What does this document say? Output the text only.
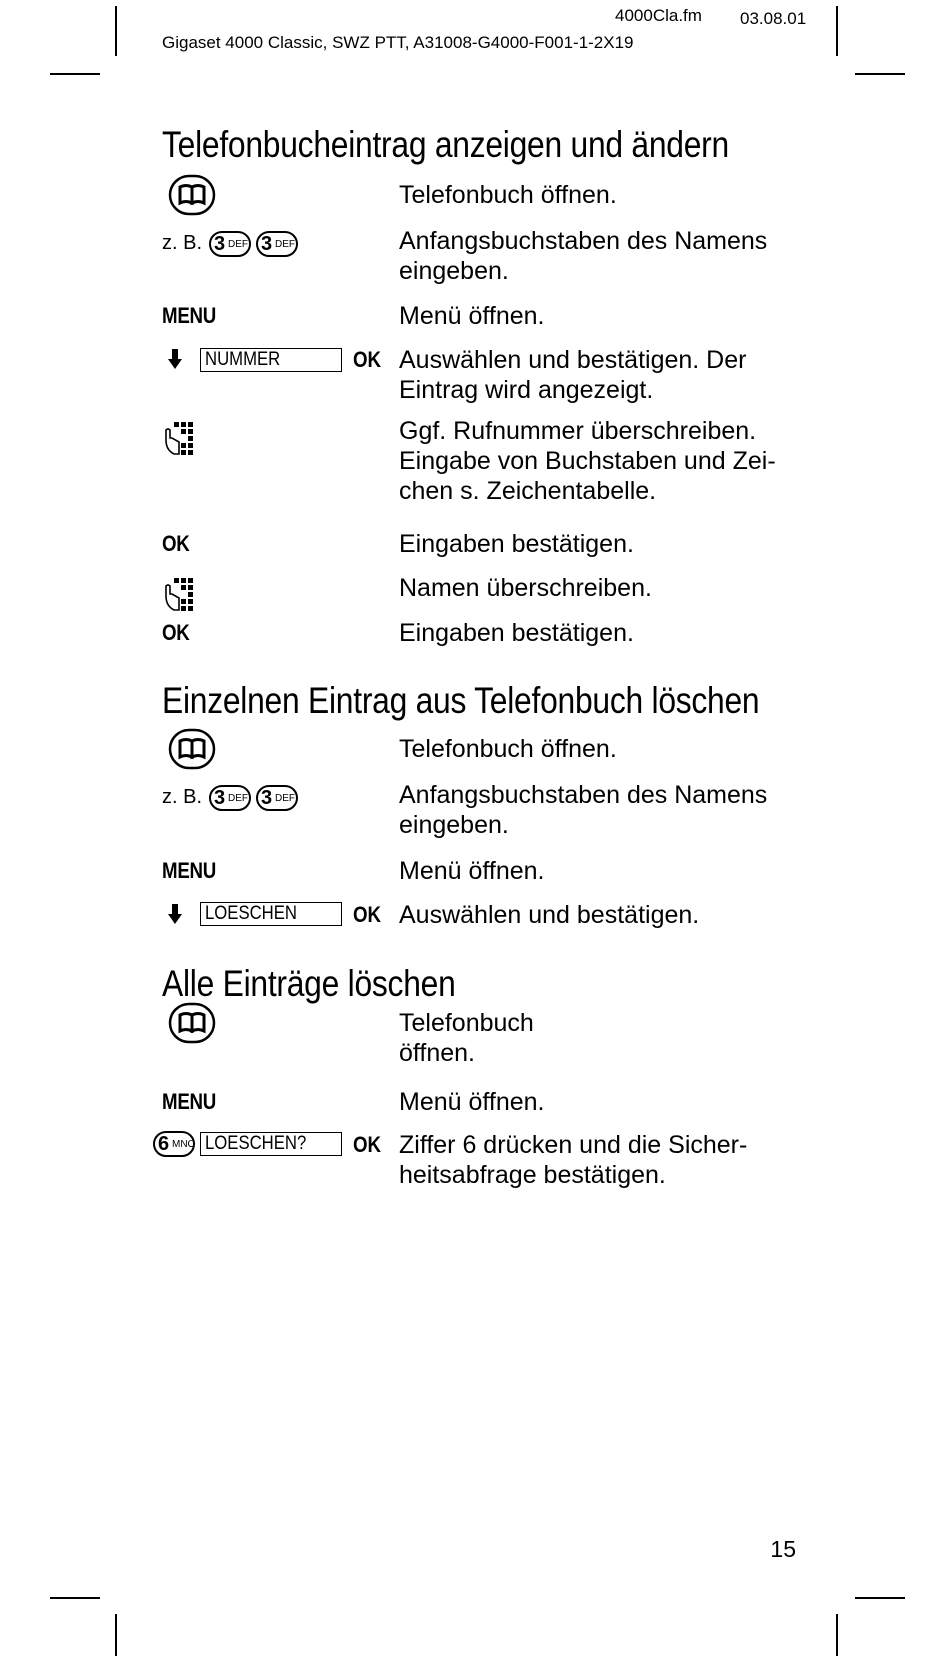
4000Cla.fm 03.08.01
Gigaset 4000 Classic, SWZ PTT, A31008-G4000-F001-1-2X19
Telefonbucheintrag anzeigen und ändern
Telefonbuch öffnen.
z. B. 3 DEF 3 DEF	Anfangsbuchstaben des Namens eingeben.
MENU	Menü öffnen.
NUMMER	OK Auswählen und bestätigen. Der Eintrag wird angezeigt.
Ggf. Rufnummer überschreiben. Eingabe von Buchstaben und Zei-chen s. Zeichentabelle.
OK	Eingaben bestätigen.
Namen überschreiben.
OK	Eingaben bestätigen.
Einzelnen Eintrag aus Telefonbuch löschen
Telefonbuch öffnen.
z. B. 3 DEF 3 DEF	Anfangsbuchstaben des Namens eingeben.
MENU	Menü öffnen.
LOESCHEN	OK Auswählen und bestätigen.
Alle Einträge löschen
Telefonbuch öffnen.
MENU	Menü öffnen.
6 MNO LOESCHEN?	OK Ziffer 6 drücken und die Sicher-heitsabfrage bestätigen.
15
